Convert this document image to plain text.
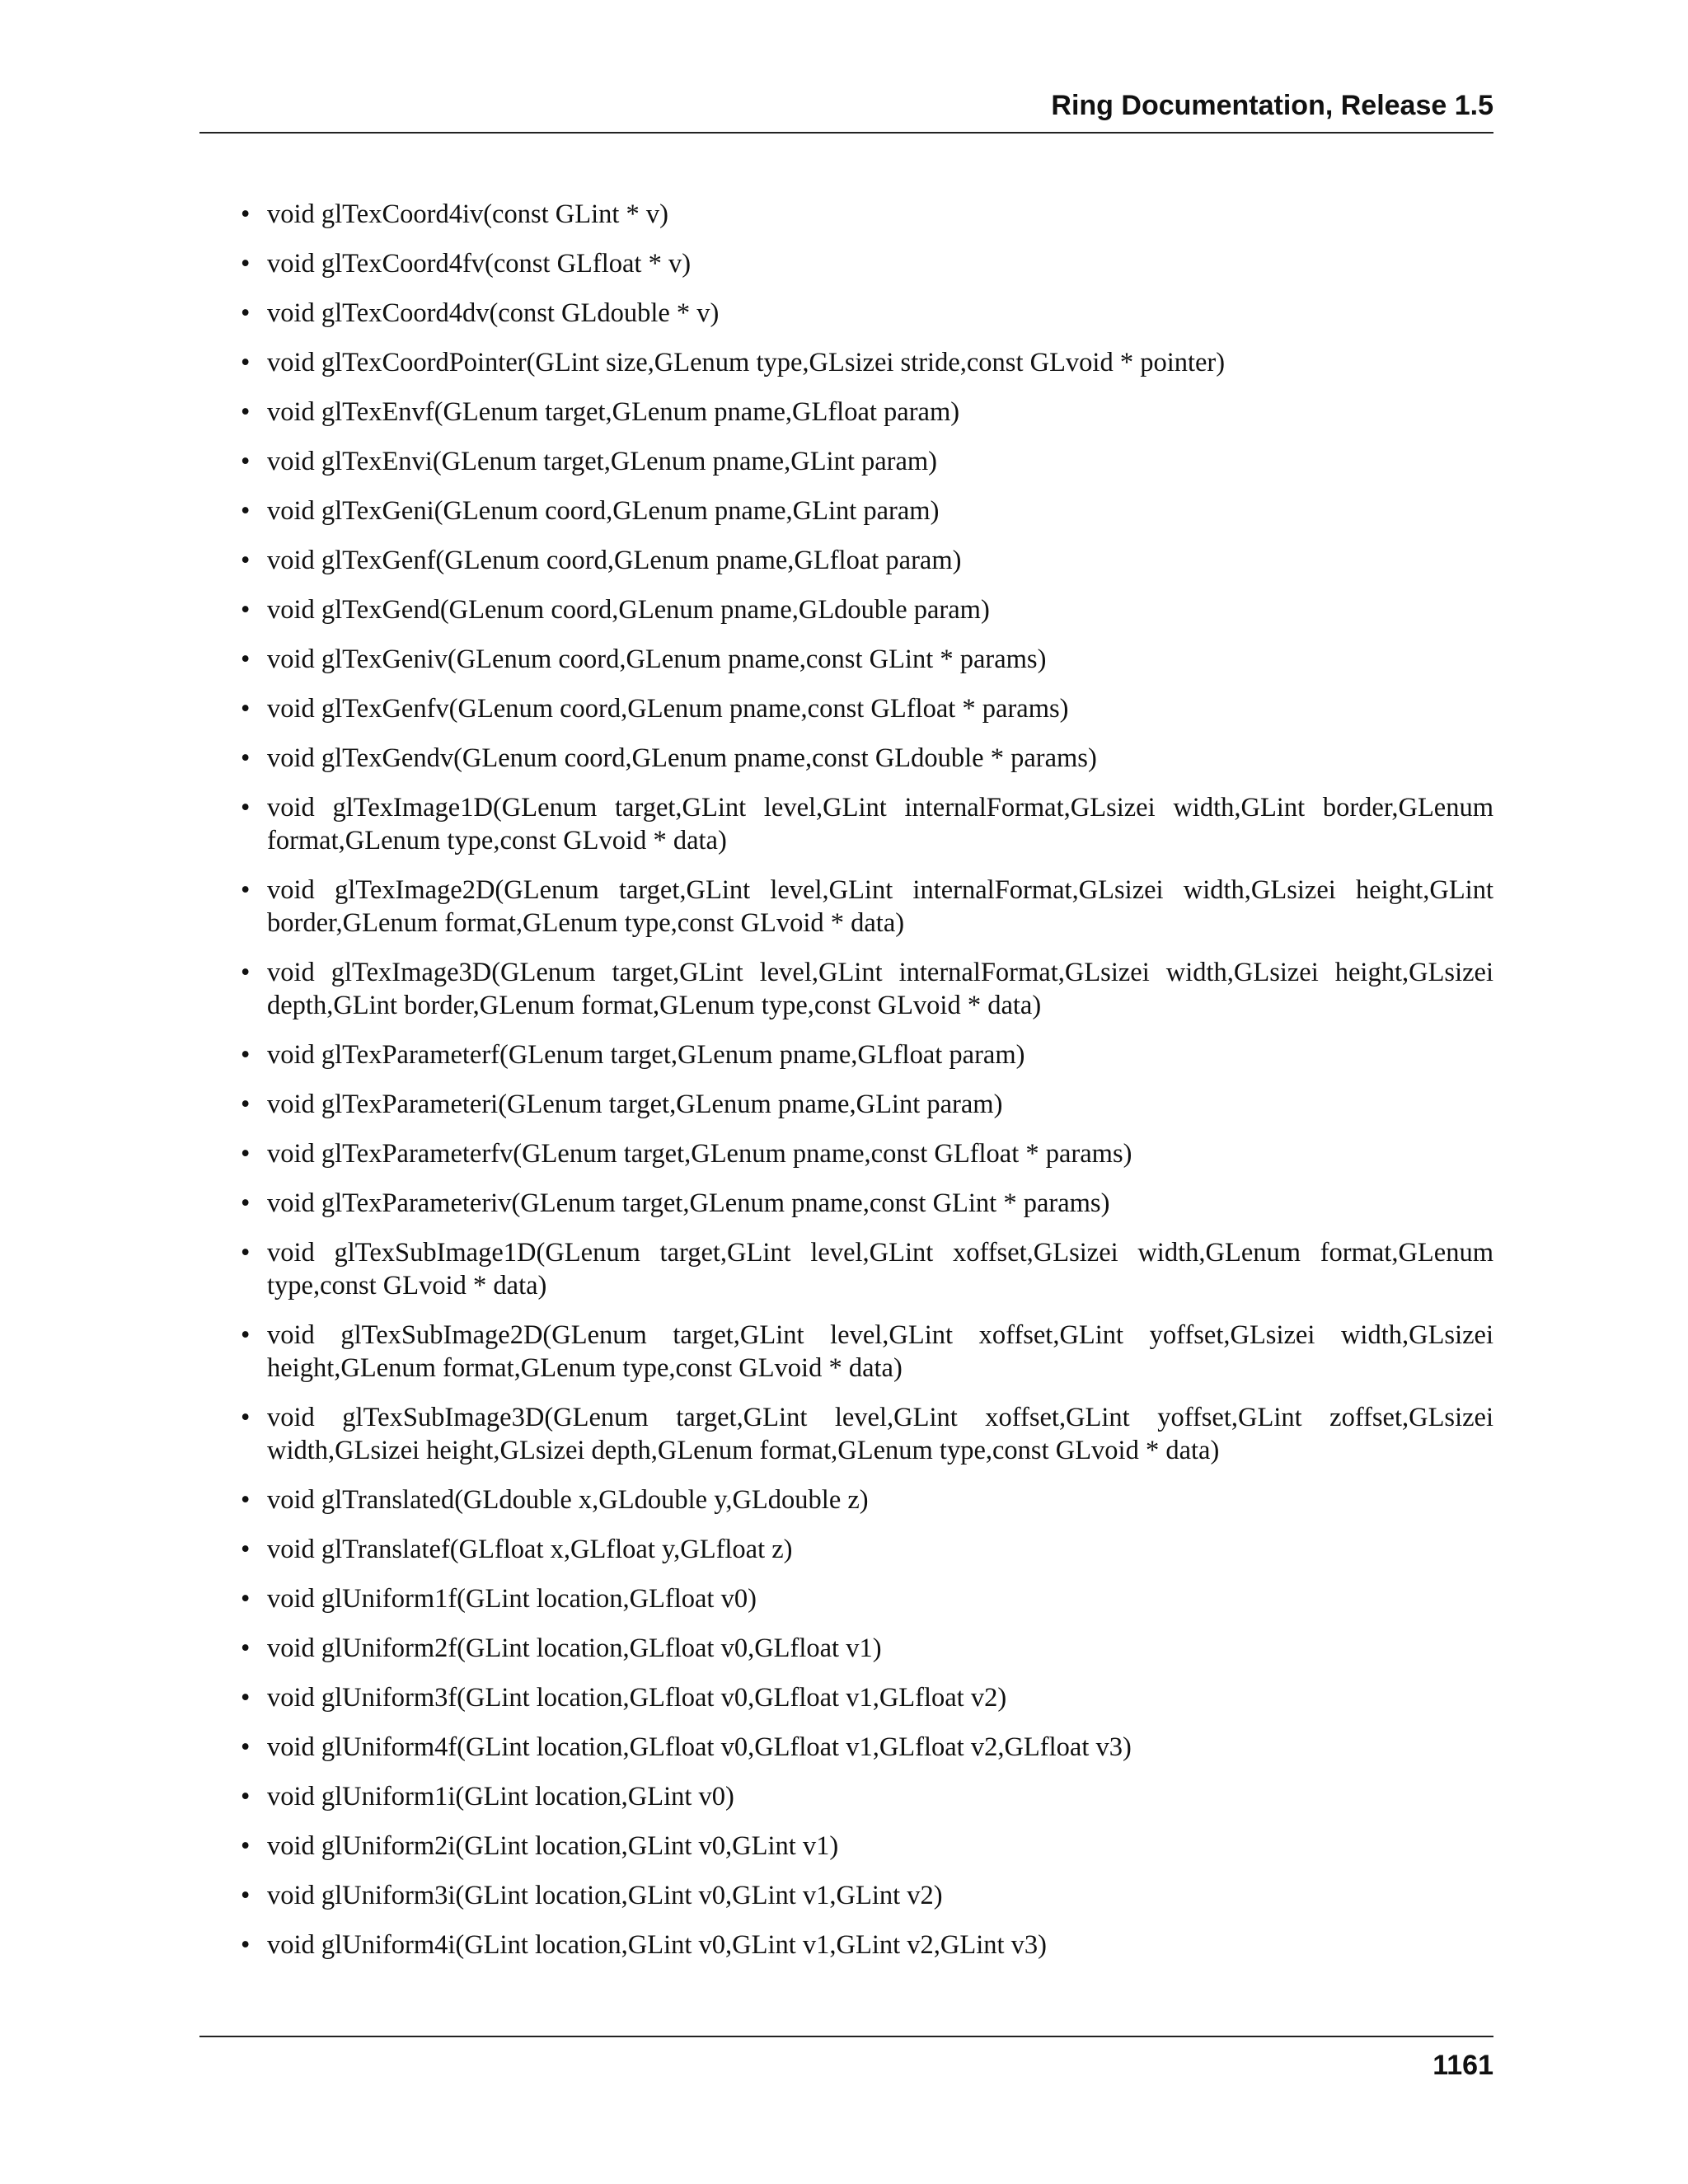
Ring Documentation, Release 1.5
• void glTexCoord4iv(const GLint * v)
• void glTexCoord4fv(const GLfloat * v)
• void glTexCoord4dv(const GLdouble * v)
• void glTexCoordPointer(GLint size,GLenum type,GLsizei stride,const GLvoid * pointer)
• void glTexEnvf(GLenum target,GLenum pname,GLfloat param)
• void glTexEnvi(GLenum target,GLenum pname,GLint param)
• void glTexGeni(GLenum coord,GLenum pname,GLint param)
• void glTexGenf(GLenum coord,GLenum pname,GLfloat param)
• void glTexGend(GLenum coord,GLenum pname,GLdouble param)
• void glTexGeniv(GLenum coord,GLenum pname,const GLint * params)
• void glTexGenfv(GLenum coord,GLenum pname,const GLfloat * params)
• void glTexGendv(GLenum coord,GLenum pname,const GLdouble * params)
• void glTexImage1D(GLenum target,GLint level,GLint internalFormat,GLsizei width,GLint border,GLenum format,GLenum type,const GLvoid * data)
• void glTexImage2D(GLenum target,GLint level,GLint internalFormat,GLsizei width,GLsizei height,GLint border,GLenum format,GLenum type,const GLvoid * data)
• void glTexImage3D(GLenum target,GLint level,GLint internalFormat,GLsizei width,GLsizei height,GLsizei depth,GLint border,GLenum format,GLenum type,const GLvoid * data)
• void glTexParameterf(GLenum target,GLenum pname,GLfloat param)
• void glTexParameteri(GLenum target,GLenum pname,GLint param)
• void glTexParameterfv(GLenum target,GLenum pname,const GLfloat * params)
• void glTexParameteriv(GLenum target,GLenum pname,const GLint * params)
• void glTexSubImage1D(GLenum target,GLint level,GLint xoffset,GLsizei width,GLenum format,GLenum type,const GLvoid * data)
• void glTexSubImage2D(GLenum target,GLint level,GLint xoffset,GLint yoffset,GLsizei width,GLsizei height,GLenum format,GLenum type,const GLvoid * data)
• void glTexSubImage3D(GLenum target,GLint level,GLint xoffset,GLint yoffset,GLint zoffset,GLsizei width,GLsizei height,GLsizei depth,GLenum format,GLenum type,const GLvoid * data)
• void glTranslated(GLdouble x,GLdouble y,GLdouble z)
• void glTranslatef(GLfloat x,GLfloat y,GLfloat z)
• void glUniform1f(GLint location,GLfloat v0)
• void glUniform2f(GLint location,GLfloat v0,GLfloat v1)
• void glUniform3f(GLint location,GLfloat v0,GLfloat v1,GLfloat v2)
• void glUniform4f(GLint location,GLfloat v0,GLfloat v1,GLfloat v2,GLfloat v3)
• void glUniform1i(GLint location,GLint v0)
• void glUniform2i(GLint location,GLint v0,GLint v1)
• void glUniform3i(GLint location,GLint v0,GLint v1,GLint v2)
• void glUniform4i(GLint location,GLint v0,GLint v1,GLint v2,GLint v3)
1161
